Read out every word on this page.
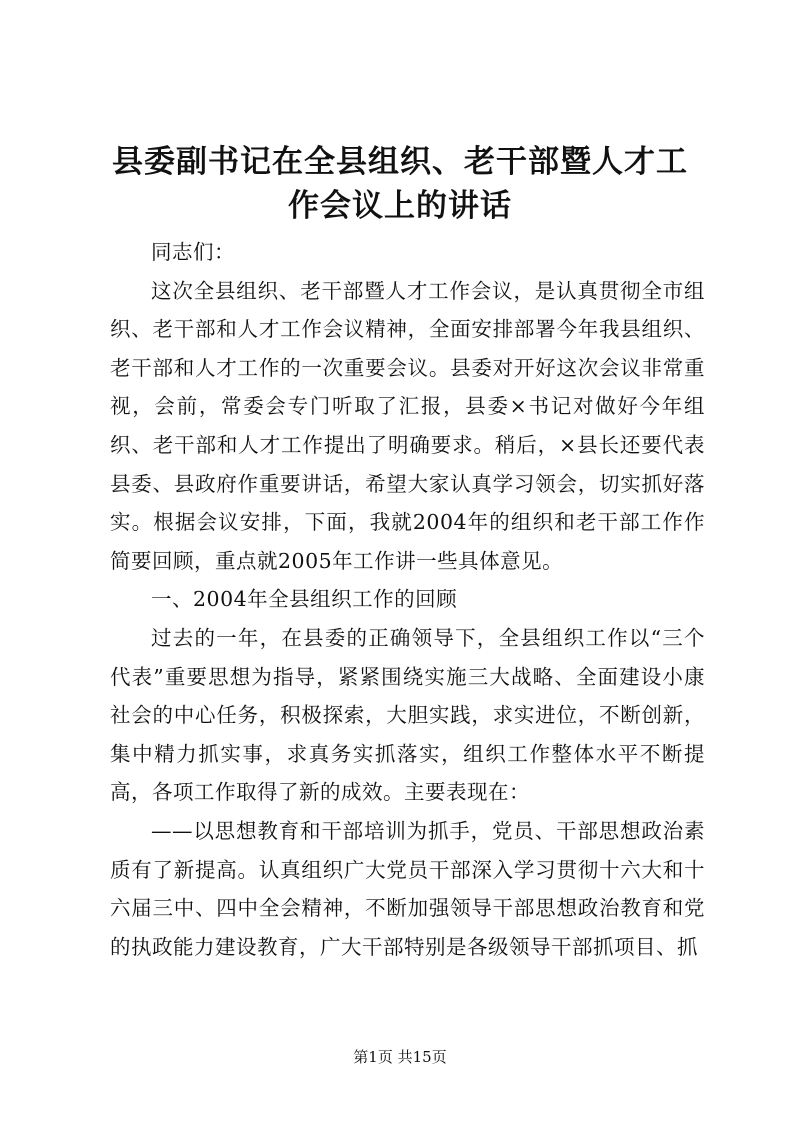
县委副书记在全县组织、老干部暨人才工作会议上的讲话

同志们：

这次全县组织、老干部暨人才工作会议，是认真贯彻全市组织、老干部和人才工作会议精神，全面安排部署今年我县组织、老干部和人才工作的一次重要会议。县委对开好这次会议非常重视，会前，常委会专门听取了汇报，县委×书记对做好今年组织、老干部和人才工作提出了明确要求。稍后，×县长还要代表县委、县政府作重要讲话，希望大家认真学习领会，切实抓好落实。根据会议安排，下面，我就2004年的组织和老干部工作作简要回顾，重点就2005年工作讲一些具体意见。

一、2004年全县组织工作的回顾

过去的一年，在县委的正确领导下，全县组织工作以“三个代表”重要思想为指导，紧紧围绕实施三大战略、全面建设小康社会的中心任务，积极探索，大胆实践，求实进位，不断创新，集中精力抓实事，求真务实抓落实，组织工作整体水平不断提高，各项工作取得了新的成效。主要表现在：

——以思想教育和干部培训为抓手，党员、干部思想政治素质有了新提高。认真组织广大党员干部深入学习贯彻十六大和十六届三中、四中全会精神，不断加强领导干部思想政治教育和党的执政能力建设教育，广大干部特别是各级领导干部抓项目、抓

第1页 共15页
